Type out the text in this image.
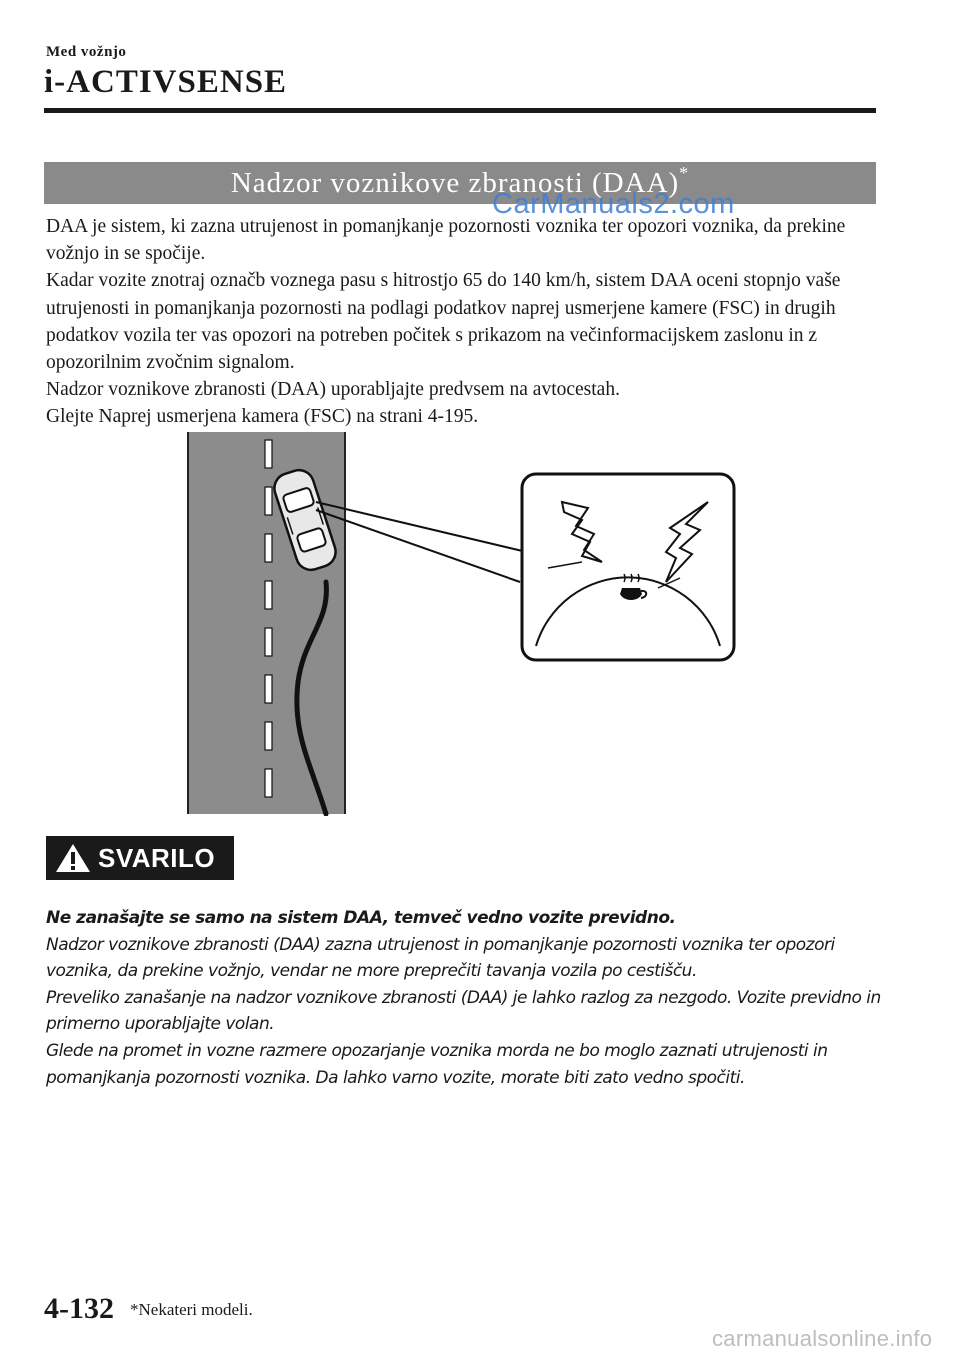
Med vožnjo
i-ACTIVSENSE
Nadzor voznikove zbranosti (DAA)*
CarManuals2.com

DAA je sistem, ki zazna utrujenost in pomanjkanje pozornosti voznika ter opozori voznika, da prekine vožnjo in se spočije.

Kadar vozite znotraj označb voznega pasu s hitrostjo 65 do 140 km/h, sistem DAA oceni stopnjo vaše utrujenosti in pomanjkanja pozornosti na podlagi podatkov naprej usmerjene kamere (FSC) in drugih podatkov vozila ter vas opozori na potreben počitek s prikazom na večinformacijskem zaslonu in z opozorilnim zvočnim signalom.

Nadzor voznikove zbranosti (DAA) uporabljajte predvsem na avtocestah.

Glejte Naprej usmerjena kamera (FSC) na strani 4-195.

SVARILO

Ne zanašajte se samo na sistem DAA, temveč vedno vozite previdno.

Nadzor voznikove zbranosti (DAA) zazna utrujenost in pomanjkanje pozornosti voznika ter opozori voznika, da prekine vožnjo, vendar ne more preprečiti tavanja vozila po cestišču.

Preveliko zanašanje na nadzor voznikove zbranosti (DAA) je lahko razlog za nezgodo. Vozite previdno in primerno uporabljajte volan.

Glede na promet in vozne razmere opozarjanje voznika morda ne bo moglo zaznati utrujenosti in pomanjkanja pozornosti voznika. Da lahko varno vozite, morate biti zato vedno spočiti.

4-132 *Nekateri modeli.
carmanualsonline.info
